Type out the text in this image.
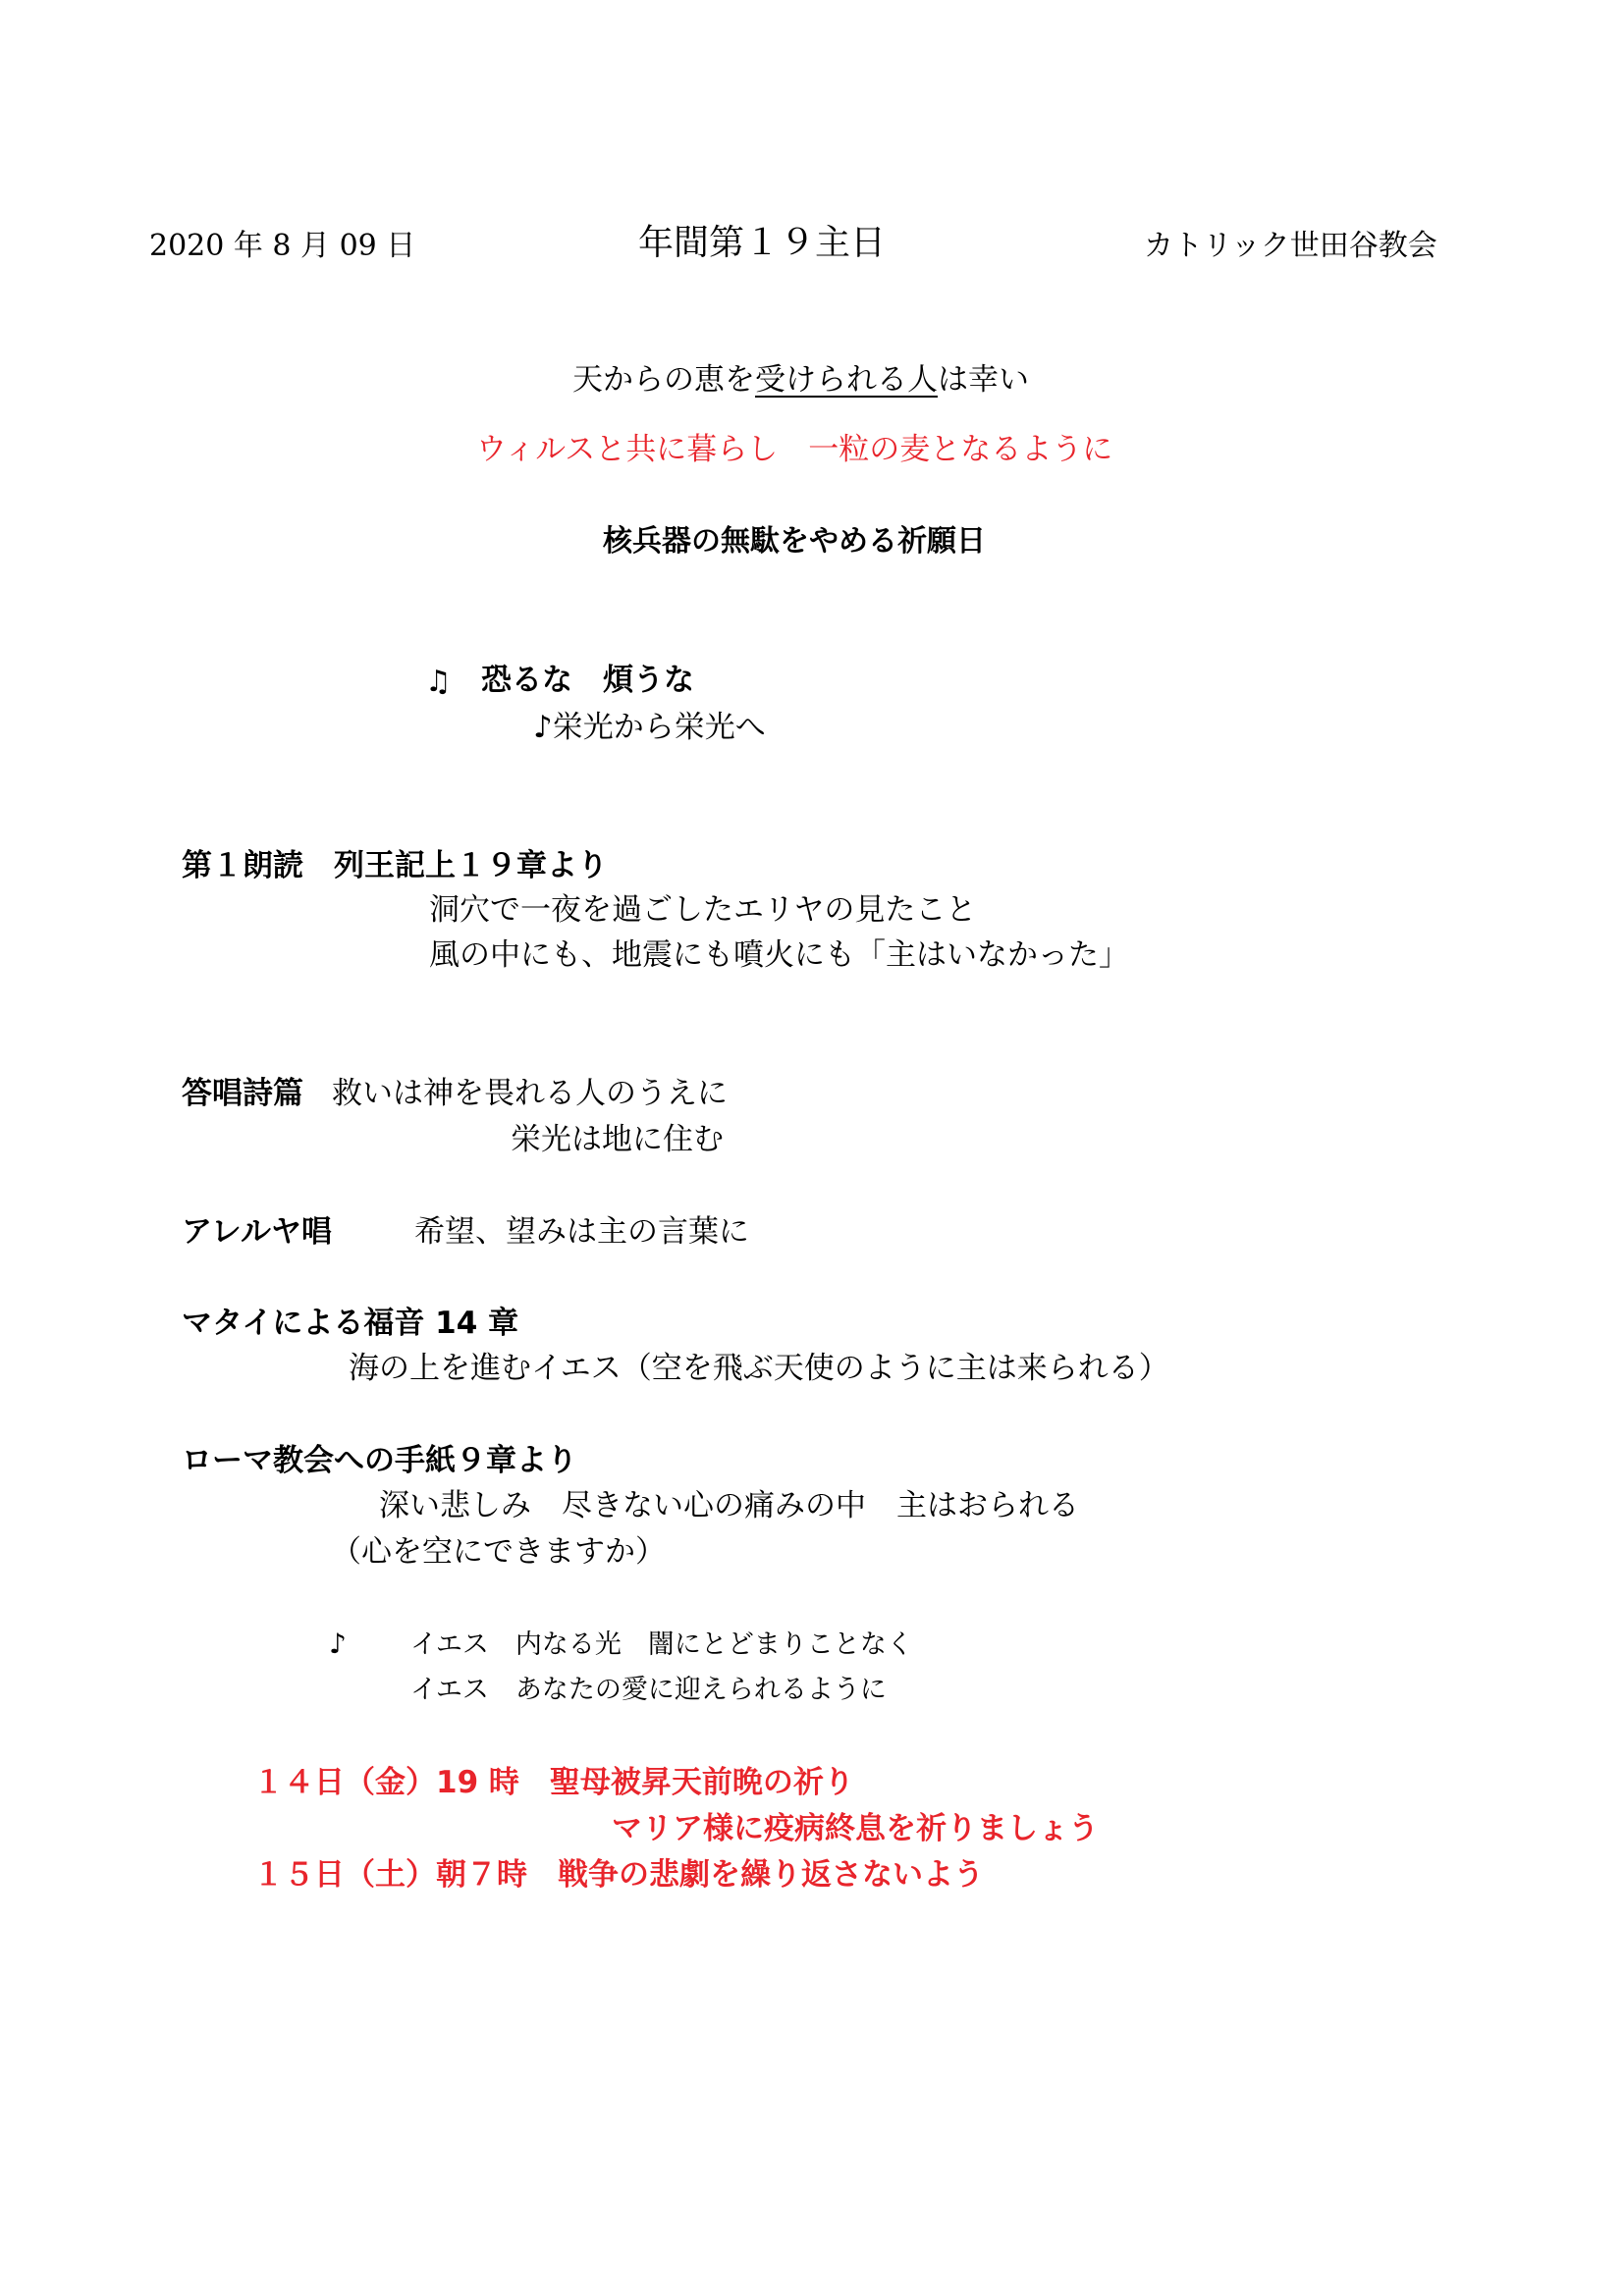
2020 年 8 月 09 日	年間第１９主日	カトリック世田谷教会
天からの恵を受けられる人は幸い
ウィルスと共に暮らし　一粒の麦となるように
核兵器の無駄をやめる祈願日
♫ 恐るな　煩うな
♪栄光から栄光へ
第１朗読　列王記上１９章より
洞穴で一夜を過ごしたエリヤの見たこと
風の中にも、地震にも噴火にも「主はいなかった」
答唱詩篇 救いは神を畏れる人のうえに
栄光は地に住む
アレルヤ唱	希望、望みは主の言葉に
マタイによる福音 14 章
海の上を進むイエス（空を飛ぶ天使のように主は来られる）
ローマ教会への手紙９章より
深い悲しみ　尽きない心の痛みの中　主はおられる
（心を空にできますか）
♪ イエス　内なる光　闇にとどまりことなく
イエス　あなたの愛に迎えられるように
１４日（金）19 時　聖母被昇天前晩の祈り
マリア様に疫病終息を祈りましょう
１５日（土）朝７時　戦争の悲劇を繰り返さないよう
